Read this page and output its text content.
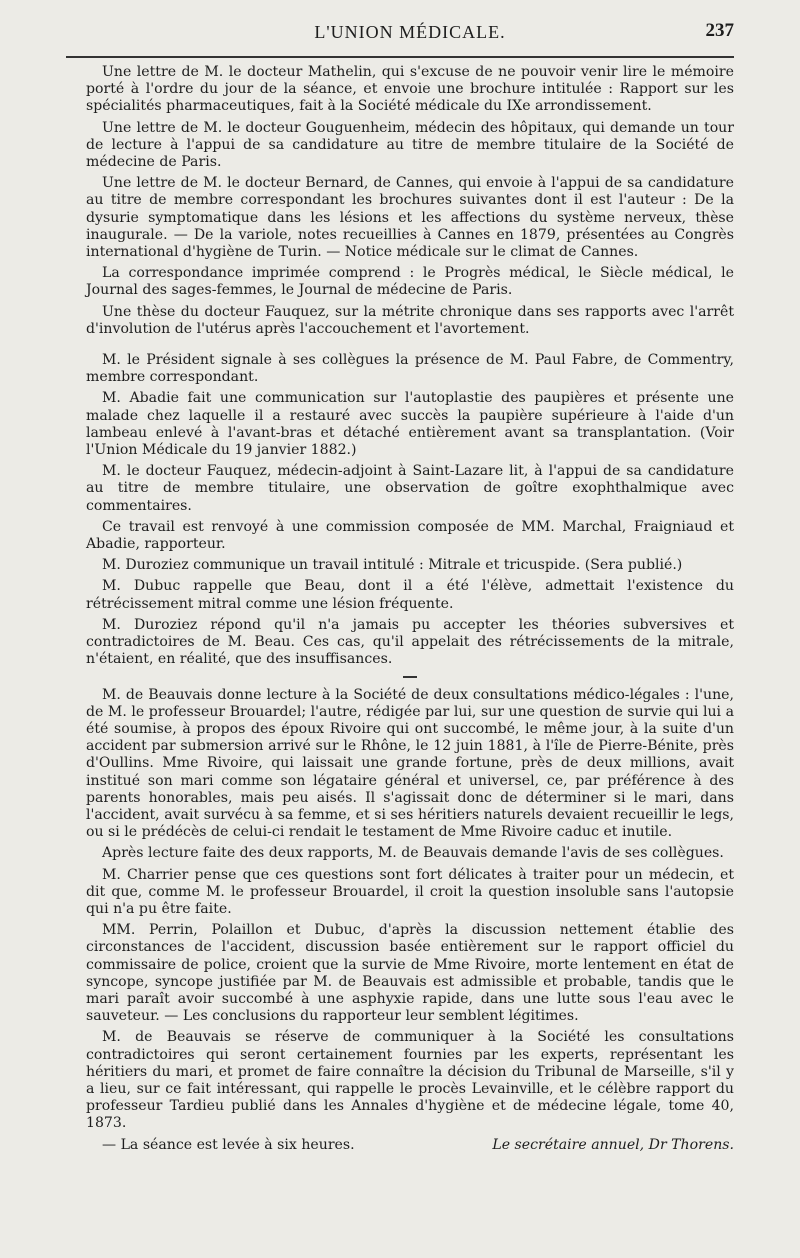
L'UNION MÉDICALE.	237

Une lettre de M. le docteur Mathelin, qui s'excuse de ne pouvoir venir lire le mémoire porté à l'ordre du jour de la séance, et envoie une brochure intitulée : Rapport sur les spécialités pharmaceutiques, fait à la Société médicale du IXe arrondissement.

Une lettre de M. le docteur Gouguenheim, médecin des hôpitaux, qui demande un tour de lecture à l'appui de sa candidature au titre de membre titulaire de la Société de médecine de Paris.

Une lettre de M. le docteur Bernard, de Cannes, qui envoie à l'appui de sa candidature au titre de membre correspondant les brochures suivantes dont il est l'auteur : De la dysurie symptomatique dans les lésions et les affections du système nerveux, thèse inaugurale. — De la variole, notes recueillies à Cannes en 1879, présentées au Congrès international d'hygiène de Turin. — Notice médicale sur le climat de Cannes.

La correspondance imprimée comprend : le Progrès médical, le Siècle médical, le Journal des sages-femmes, le Journal de médecine de Paris.

Une thèse du docteur Fauquez, sur la métrite chronique dans ses rapports avec l'arrêt d'involution de l'utérus après l'accouchement et l'avortement.

M. le Président signale à ses collègues la présence de M. Paul Fabre, de Commentry, membre correspondant.

M. Abadie fait une communication sur l'autoplastie des paupières et présente une malade chez laquelle il a restauré avec succès la paupière supérieure à l'aide d'un lambeau enlevé à l'avant-bras et détaché entièrement avant sa transplantation. (Voir l'Union Médicale du 19 janvier 1882.)

M. le docteur Fauquez, médecin-adjoint à Saint-Lazare lit, à l'appui de sa candidature au titre de membre titulaire, une observation de goître exophthalmique avec commentaires.

Ce travail est renvoyé à une commission composée de MM. Marchal, Fraigniaud et Abadie, rapporteur.

M. Duroziez communique un travail intitulé : Mitrale et tricuspide. (Sera publié.)

M. Dubuc rappelle que Beau, dont il a été l'élève, admettait l'existence du rétrécissement mitral comme une lésion fréquente.

M. Duroziez répond qu'il n'a jamais pu accepter les théories subversives et contradictoires de M. Beau. Ces cas, qu'il appelait des rétrécissements de la mitrale, n'étaient, en réalité, que des insuffisances.

M. de Beauvais donne lecture à la Société de deux consultations médico-légales : l'une, de M. le professeur Brouardel; l'autre, rédigée par lui, sur une question de survie qui lui a été soumise, à propos des époux Rivoire qui ont succombé, le même jour, à la suite d'un accident par submersion arrivé sur le Rhône, le 12 juin 1881, à l'île de Pierre-Bénite, près d'Oullins. Mme Rivoire, qui laissait une grande fortune, près de deux millions, avait institué son mari comme son légataire général et universel, ce, par préférence à des parents honorables, mais peu aisés. Il s'agissait donc de déterminer si le mari, dans l'accident, avait survécu à sa femme, et si ses héritiers naturels devaient recueillir le legs, ou si le prédécès de celui-ci rendait le testament de Mme Rivoire caduc et inutile.

Après lecture faite des deux rapports, M. de Beauvais demande l'avis de ses collègues.

M. Charrier pense que ces questions sont fort délicates à traiter pour un médecin, et dit que, comme M. le professeur Brouardel, il croit la question insoluble sans l'autopsie qui n'a pu être faite.

MM. Perrin, Polaillon et Dubuc, d'après la discussion nettement établie des circonstances de l'accident, discussion basée entièrement sur le rapport officiel du commissaire de police, croient que la survie de Mme Rivoire, morte lentement en état de syncope, syncope justifiée par M. de Beauvais est admissible et probable, tandis que le mari paraît avoir succombé à une asphyxie rapide, dans une lutte sous l'eau avec le sauveteur. — Les conclusions du rapporteur leur semblent légitimes.

M. de Beauvais se réserve de communiquer à la Société les consultations contradictoires qui seront certainement fournies par les experts, représentant les héritiers du mari, et promet de faire connaître la décision du Tribunal de Marseille, s'il y a lieu, sur ce fait intéressant, qui rappelle le procès Levainville, et le célèbre rapport du professeur Tardieu publié dans les Annales d'hygiène et de médecine légale, tome 40, 1873.

— La séance est levée à six heures.	Le secrétaire annuel, Dr Thorens.
